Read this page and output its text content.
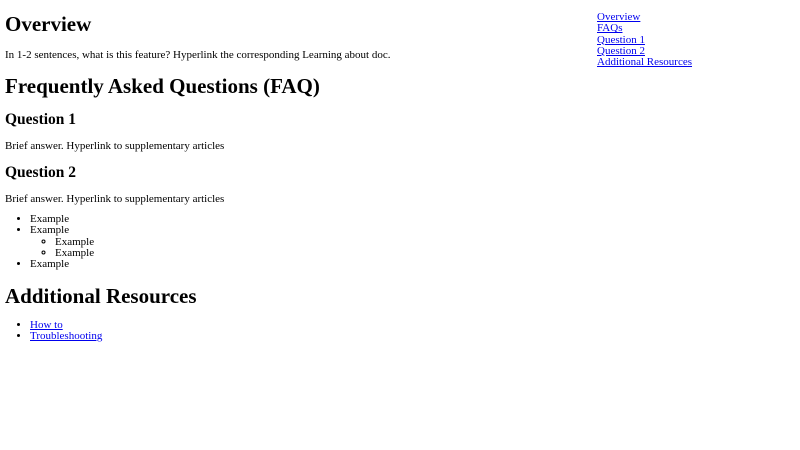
Overview

In 1-2 sentences, what is this feature? Hyperlink the corresponding Learning about doc.

Frequently Asked Questions (FAQ)
Question 1

Brief answer. Hyperlink to supplementary articles

Question 2

Brief answer. Hyperlink to supplementary articles

• Example
• Example
◦ Example
◦ Example
• Example
Additional Resources
• How to
• Troubleshooting
Overview
FAQs
Question 1
Question 2
Additional Resources
